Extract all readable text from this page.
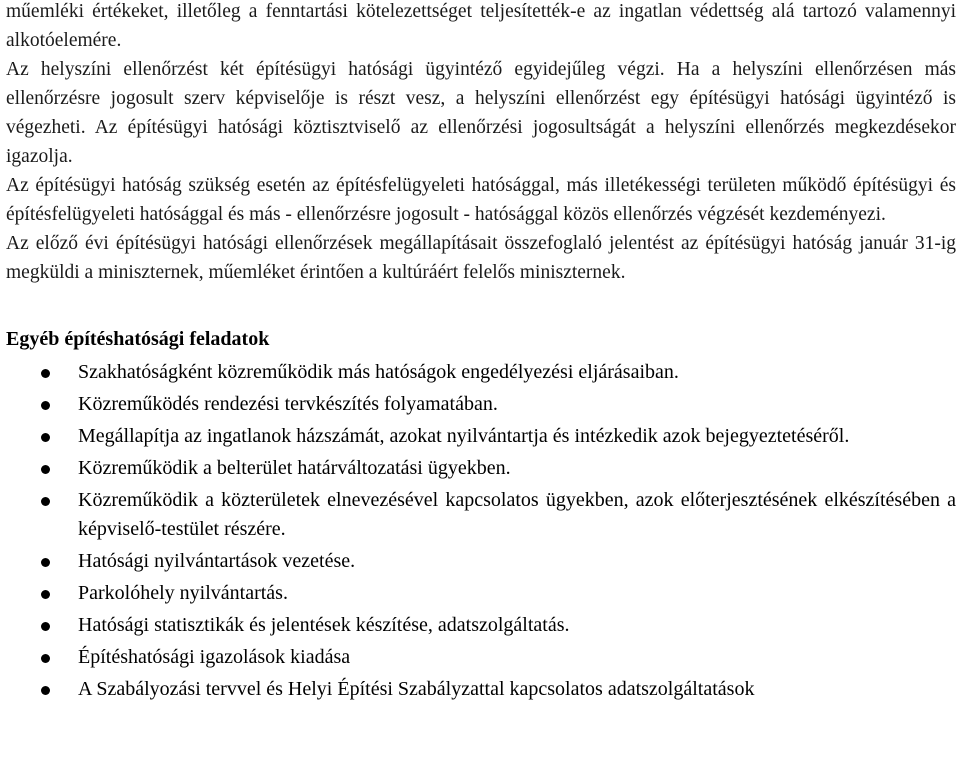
műemléki értékeket, illetőleg a fenntartási kötelezettséget teljesítették-e az ingatlan védettség alá tartozó valamennyi alkotóelemére.

Az helyszíni ellenőrzést két építésügyi hatósági ügyintéző egyidejűleg végzi. Ha a helyszíni ellenőrzésen más ellenőrzésre jogosult szerv képviselője is részt vesz, a helyszíni ellenőrzést egy építésügyi hatósági ügyintéző is végezheti. Az építésügyi hatósági köztisztviselő az ellenőrzési jogosultságát a helyszíni ellenőrzés megkezdésekor igazolja.

Az építésügyi hatóság szükség esetén az építésfelügyeleti hatósággal, más illetékességi területen működő építésügyi és építésfelügyeleti hatósággal és más - ellenőrzésre jogosult - hatósággal közös ellenőrzés végzését kezdeményezi.

Az előző évi építésügyi hatósági ellenőrzések megállapításait összefoglaló jelentést az építésügyi hatóság január 31-ig megküldi a miniszternek, műemléket érintően a kultúráért felelős miniszternek.

Egyéb építéshatósági feladatok
Szakhatóságként közreműködik más hatóságok engedélyezési eljárásaiban.
Közreműködés rendezési tervkészítés folyamatában.
Megállapítja az ingatlanok házszámát, azokat nyilvántartja és intézkedik azok bejegyeztetéséről.
Közreműködik a belterület határváltozatási ügyekben.
Közreműködik a közterületek elnevezésével kapcsolatos ügyekben, azok előterjesztésének elkészítésében a képviselő-testület részére.
Hatósági nyilvántartások vezetése.
Parkolóhely nyilvántartás.
Hatósági statisztikák és jelentések készítése, adatszolgáltatás.
Építéshatósági igazolások kiadása
A Szabályozási tervvel és Helyi Építési Szabályzattal kapcsolatos adatszolgáltatások
